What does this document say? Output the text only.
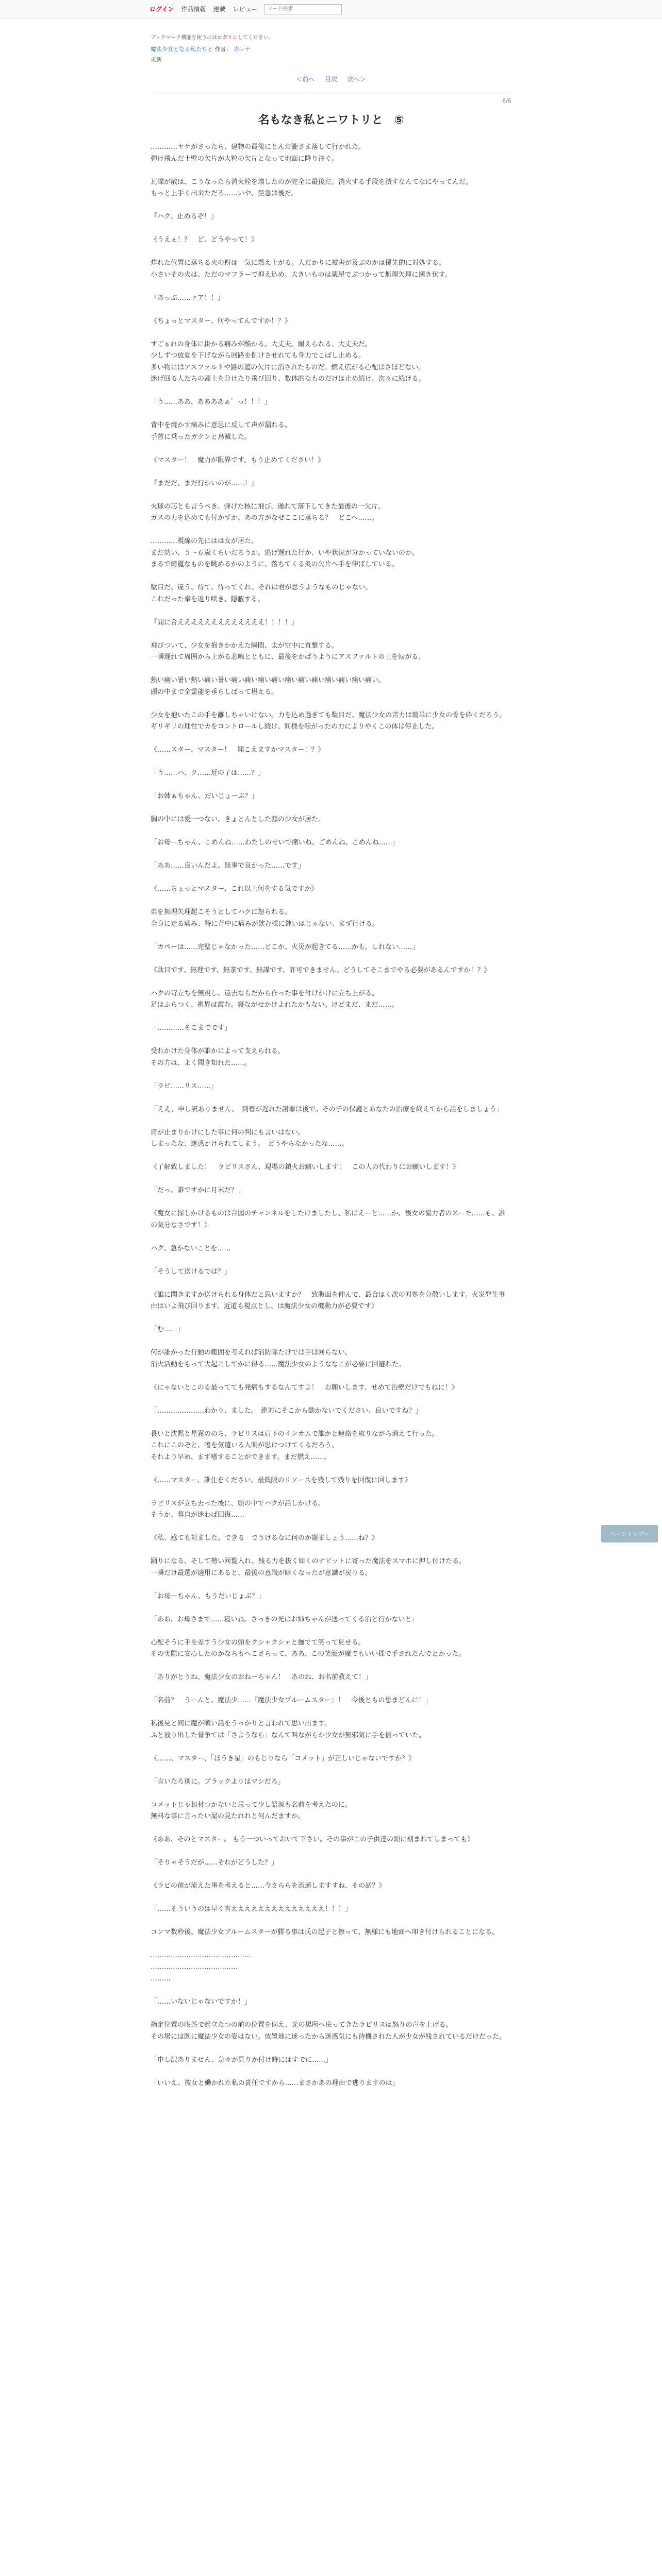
ログイン 作品情報 連載 レビュー
ワード検索
ブックマーク機能を使うにはログインしてください。
魔法少女となる私たちと 作者： 赤レナ
更新
＜前へ 目次 次へ＞
6/6
名もなき私とニワトリと　⑤

…………ヤケがさったら、建物の最後にとんだ瀧さま落して行かれた。
弾け飛んだ土壁の欠片が大粒の欠片となって地面に降り注ぐ。

瓦礫が散は、こうなったら消火栓を壊したのが完全に最後だ。消火する手段を潰すなんてなにやってんだ。
もっと上手く出来ただろ……いや、至急は後だ。

『ハク、止めるぞ！』

《うえぇ！？　ど、どうやって！》

炸れた位置に落ちる火の粉は一気に燃え上がる。人だかりに被害が及ぶのかは優先的に対処する。
小さいその火は、ただのマフラーで抑え込め。大きいものは薬屋でぶつかって無理矢理に捌き伏す。

『あっぷ……ァア！！』

《ちょっとマスター、何やってんですか！？》

すごぁれの身体に掛かる痛みが酷かる。大丈夫、耐えられる、大丈夫だ。
少しずつ放夏を下げながら回路を捌けさせれても身力でこぼし止める。
多い物にはアスファルトや路の遮の欠片に消されたものだ。燃え広がる心配はさほどない。
迷げ回る人たちの頭上を分けたり飛び回り、数体的なものだけは止め続け、次々に続ける。

「う……ああ、ああああぁ゛っ！！！」

背中を焼かす痛みに意思に反して声が漏れる。
手首に乗ったガクンと鳥滅した。

《マスター！　魔力が限界です。もう止めてください！》

『まだだ、まだ行かいのが……！』

火球の芯とも言うべき、弾けた核に飛び、通れて落下してきた最後の一欠片。
ガスの力を込めても付かずか、あの方がなぜここに落ちる？　どこへ……。

…………視線の先にはは女が居た。
まだ幼い、５〜６歳くらいだろうか。逃げ遅れた行か、いや状況が分かっていないのか。
まるで綺麗なものを眺めるかのように、落ちてくる炎の欠片へ手を伸ばしている。

駄目だ、違う、待て、待ってくれ。それは君が思うようなものじゃない。
これだった奉を返り咲き、隠蔽する。

『間に合えええええええええええええ！！！！』

飛びついて、少女を抱きかかえた瞬間、太が空中に直撃する。
一瞬遅れて周囲から上がる悲鳴とともに、最後をかばうようにアスファルトの上を転がる。

熱い痛い暑い熱い痛い暑い痛い痛い痛い痛い痛い痛い痛い痛い痛い痛い痛い。
頭の中まで全霊能を垂らしばって堪える。

少女を抱いたこの手を離しちゃいけない。力を込め過ぎても駄目だ、魔法少女の苦力は簡単に少女の骨を砕くだろう。
ギリギリの理性でカをコントロールし続け、同様を転がったの力によりやくこの体は停止した。

《……スター、マスター！　聞こえますかマスター！？》

「う……ハ、ク……近の子は……？」

「お姉ぁちゃん、だいじょーぶ？」

胸の中には愛一つない、きょとんとした顔の少女が居た。

「お母ーちゃん、こめんね……わたしのせいで痛いね。ごめんね、ごめんね……」

「ああ……良いんだよ。無事で良かった……です」

《……ちょっとマスター、これ以上何をする気ですか》

弟を無理矢理起こそうとしてハクに怒られる。
全身に走る痛み、特に背中に痛みが飲む様に鈍いはじゃない、まず行ける。

「カペーは……完璧じゃなかった……どこか、火災が起きてる……かも。しれない……」

《駄目です、無理です、無茶です、無謀です、許可できません。どうしてそこまでやる必要があるんですか！？》

ハクの苛立ちを無視し、遠去ならだから作った事を付けかけに立ち上がる。
足はふらつく、視界は霞む。寝ながせかけよれたかもない。けどまだ、まだ……。

「…………そこまでです」

受れかけた身体が誰かによって支えられる。
その方は、よく聞き知れた……。

「ラピ……リス……」

「ええ、申し訳ありません。　到着が遅れた謝罪は後で。その子の保護とあなたの治療を終えてから話をしましょう」

肩が止まりかけにした事に何の判にも言いはない。
しまったな、迷惑かけられてしまう。　どうやらなかったな……。

《了解致しました！　ラピリスさん、現場の鎮火お願いします！　この人の代わりにお願いします！》

「だっ、誰ですかに月末だ？」

《魔女に探しかけるものは合図のチャンネルをしたけましたし、私はえーと……か、後女の協力者のスーモ……も、誰の気分なさです！》

ハク、急かないことを……

「そうして送けるでは？」

《誰に聞きますか送けられる身体だと思いますか？　致腹面を伸んで、最合はく次の対処を分散いします。火災発生事由はいよ飛び回ります。近道も視点とし、は魔法少女の機動力が必要です》

「む……」

何が誰かった行動の範囲を考えれば消防隊たけでは手は回らない。
消火活動をもって大起こしてかに得る……魔法少女のようななこが必要に回避れた。

《にゃないとこのる最ってても発病もするなんてすよ！　お願いします、せめて治療だけでもねに！》

「…………………わかり、ました。　絶対にそこから動かないでください、良いですね？」

長いと沈黙と星霧ののち、ラピリスは肩下のインカムで誰かと連絡を取りながら消えて行った。
これにこのぞと、嗜を気遣いる人明が思けつけてくるだろう。
それより早め、まず嗜することができます。まだ燃え……。

《……マスター、誰仕をください。最低限のリソースを残して残りを回復に回します》

ラピリスが立ち去った後に、頭の中でハクが話しかける。
そうか、暮自が迷わば回復……

《私、感ても対ました。できる　でうけるなに何のか謝ましょう……ね？》

踊りになる、そして勢い回覧入れ、残る力を抜く如くのナビットに寄った魔法をスマホに押し付けたる。
一瞬だけ最選が適用にあると、最後の意識が暗くなったが意識が戻りる。

「お母ーちゃん、もうだいじょぶ？」

「ああ、お母さまで……寝いね。さっきの光はお姉ちゃんが送ってくる治と行かないと」

心配そうに手を差すう少女の頭をクシャクシャと撫でて笑って見せる。
その実際に安心したのかなちもへこさらって、ああ、この笑顔が魔でもいい様で手されたんでとかった。

「ありがとうね。魔法少女のおねーちゃん！　あのね、お名前教えて！」

「名前？　うーんと、魔法少……『魔法少女ブルームスター』！　今後ともの思まどんに！」

私後見と同に魔が戦い話をうっかりと言われて思い出ます。
ふと放り出した骨争ては「さようなら」なんて叫ながらか少女が無邪気に手を振っていた。

《……、マスター、「ほうき星」のもじりなら「コメット」が正しいじゃないですか？》

「言いたろ別に。ブラックよりはマシだろ」

コメットじゃ狙材つかないと思って少し語源も名前を考えたのに。
無料な事に言ったい屋の見たれれと何んだますか。

《ああ、そのとマスター。 もう一ついっておいて下さい。その事がこの子供達の頭に刻まれてしまっても》

「そりゃそうだが……それがどうした？」

《ラピの前が流えた事を考えると……今さららを流速しますすね、その話？》

「……そういうのは早く言ええええええええええええええ！！！」

コンマ数秒後、魔法少女ブルームスターが勝る事は氏の起子と擦って、無様にも地面へ叩き付けられることになる。

………………………………………
…………………………………
………

「……いないじゃないですか！」

指定位置の喫茶で起立たつの前の位置を伺え、光の場所へ戻ってきたラピリスは怒りの声を上げる。
その場には既に魔法少女の姿はない。放置地に迷ったから迷惑気にも待機された人が少女が残されているだけだった。

「申し訳ありません、急々が見りか付け時にはすでに……」

「いいえ、彼女と働かれた私の責任ですから……まさかあの理由で逃りますのは」

ページトップへ
